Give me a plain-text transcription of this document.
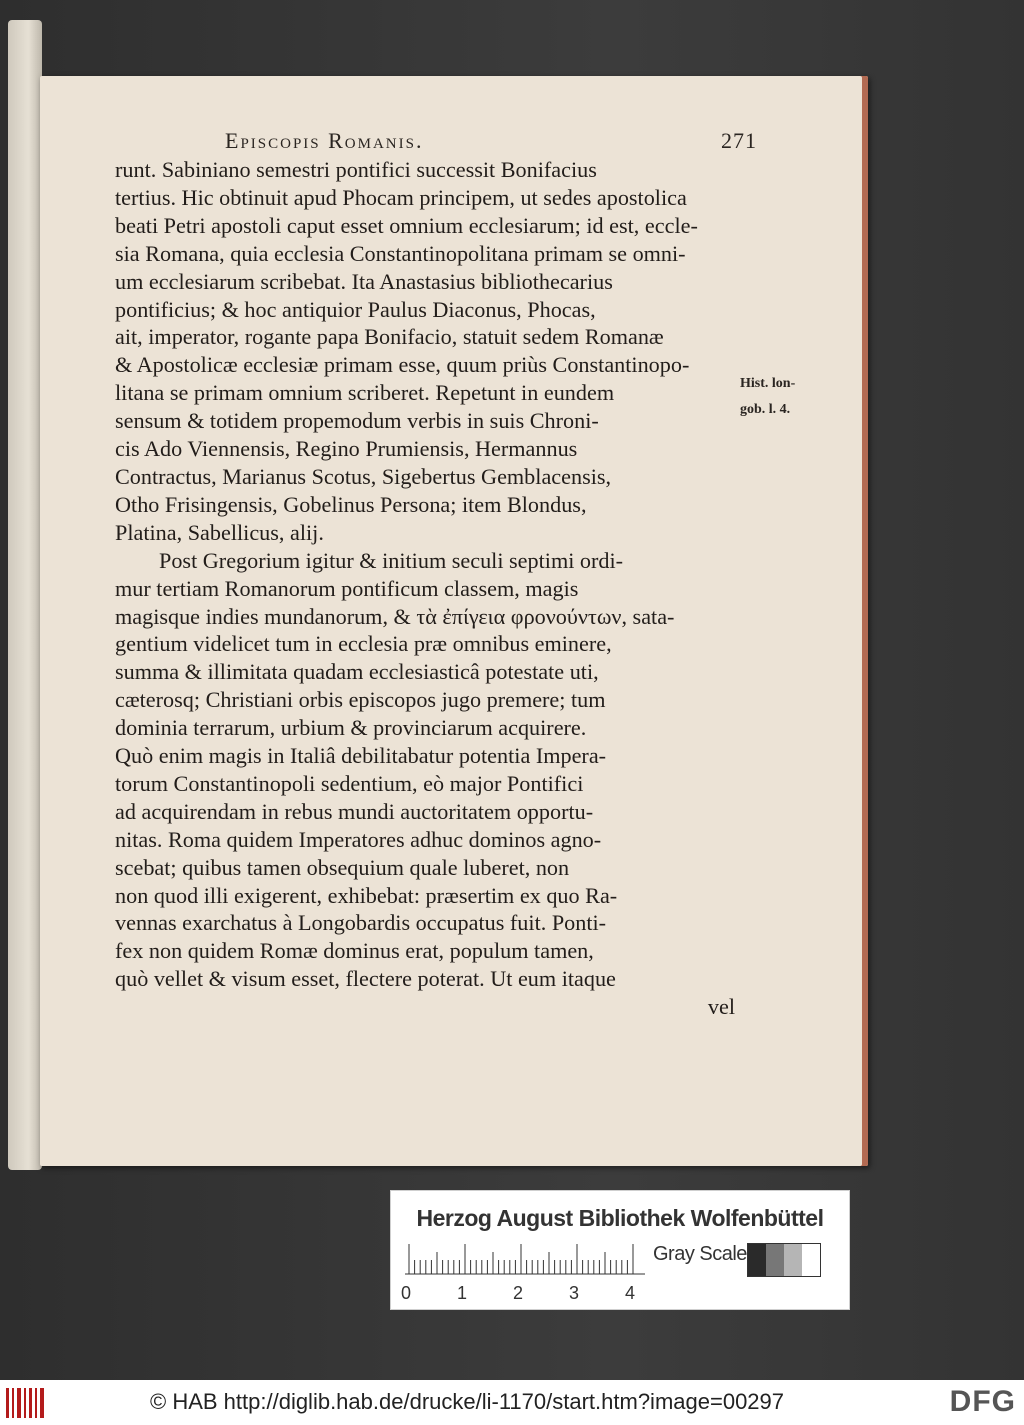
Episcopis Romanis.	271
runt. Sabiniano semestri pontifici successit Bonifacius
tertius. Hic obtinuit apud Phocam principem, ut sedes apostolica
beati Petri apostoli caput esset omnium ecclesiarum; id est, eccle-
sia Romana, quia ecclesia Constantinopolitana primam se omni-
um ecclesiarum scribebat. Ita Anastasius bibliothecarius
pontificius; & hoc antiquior Paulus Diaconus, Phocas,
ait, imperator, rogante papa Bonifacio, statuit sedem Romanæ
& Apostolicæ ecclesiæ primam esse, quum priùs Constantinopo-
litana se primam omnium scriberet. Repetunt in eundem
sensum & totidem propemodum verbis in suis Chroni-
cis Ado Viennensis, Regino Prumiensis, Hermannus
Contractus, Marianus Scotus, Sigebertus Gemblacensis,
Otho Frisingensis, Gobelinus Persona; item Blondus,
Platina, Sabellicus, alij.
Post Gregorium igitur & initium seculi septimi ordi-
mur tertiam Romanorum pontificum classem, magis
magisque indies mundanorum, & τὰ ἐπίγεια φρονούντων, sata-
gentium videlicet tum in ecclesia præ omnibus eminere,
summa & illimitata quadam ecclesiasticâ potestate uti,
cæterosq; Christiani orbis episcopos jugo premere; tum
dominia terrarum, urbium & provinciarum acquirere.
Quò enim magis in Italiâ debilitabatur potentia Impera-
torum Constantinopoli sedentium, eò major Pontifici
ad acquirendam in rebus mundi auctoritatem opportu-
nitas. Roma quidem Imperatores adhuc dominos agno-
scebat; quibus tamen obsequium quale luberet, non
non quod illi exigerent, exhibebat: præsertim ex quo Ra-
vennas exarchatus à Longobardis occupatus fuit. Ponti-
fex non quidem Romæ dominus erat, populum tamen,
quò vellet & visum esset, flectere poterat. Ut eum itaque
vel
Hist. lon-
gob. l. 4.
Herzog August Bibliothek Wolfenbüttel
0	1	2	3	4
Gray Scale
© HAB http://diglib.hab.de/drucke/li-1170/start.htm?image=00297	DFG
